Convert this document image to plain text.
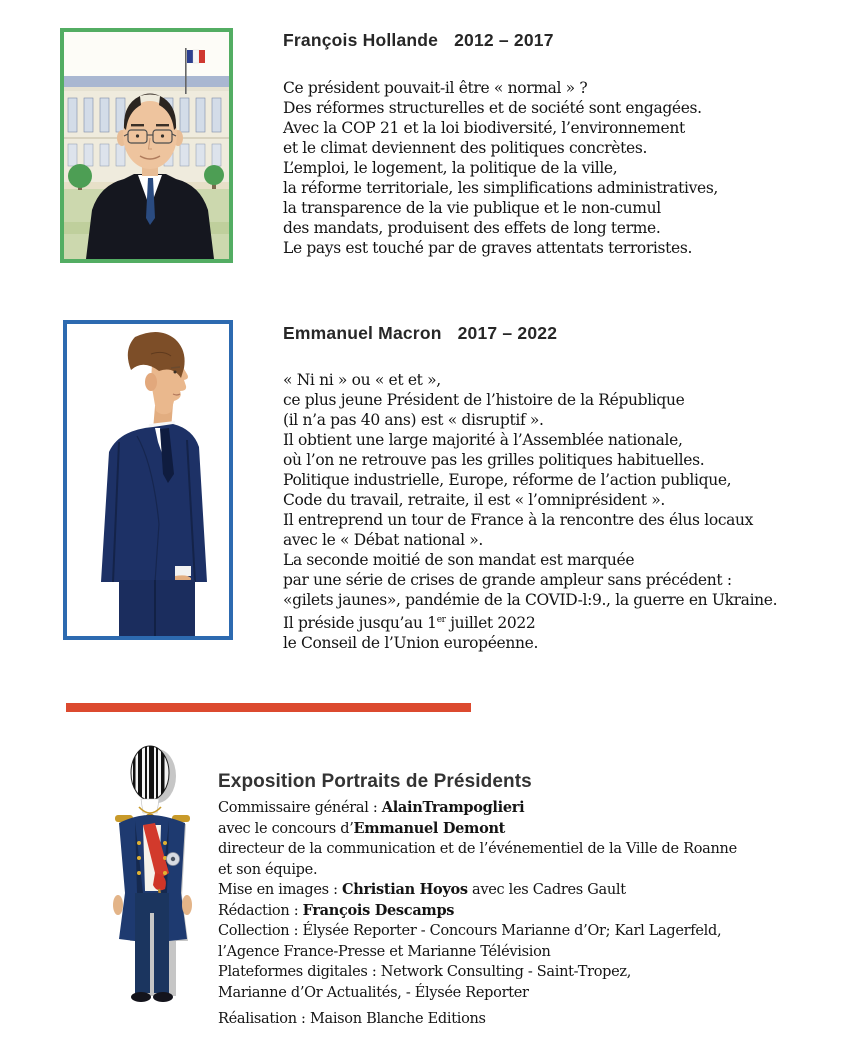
François Hollande 2012 – 2017
Ce président pouvait-il être « normal » ?
Des réformes structurelles et de société sont engagées.
Avec la COP 21 et la loi biodiversité, l’environnement
et le climat deviennent des politiques concrètes.
L’emploi, le logement, la politique de la ville,
la réforme territoriale, les simplifications administratives,
la transparence de la vie publique et le non-cumul
des mandats, produisent des effets de long terme.
Le pays est touché par de graves attentats terroristes.
Emmanuel Macron 2017 – 2022
« Ni ni » ou « et et »,
ce plus jeune Président de l’histoire de la République
(il n’a pas 40 ans) est « disruptif ».
Il obtient une large majorité à l’Assemblée nationale,
où l’on ne retrouve pas les grilles politiques habituelles.
Politique industrielle, Europe, réforme de l’action publique,
Code du travail, retraite, il est « l’omniprésident ».
Il entreprend un tour de France à la rencontre des élus locaux
avec le « Débat national ».
La seconde moitié de son mandat est marquée
par une série de crises de grande ampleur sans précédent :
«gilets jaunes», pandémie de la COVID-l:9., la guerre en Ukraine.
Il préside jusqu’au 1er juillet 2022
le Conseil de l’Union européenne.
Exposition Portraits de Présidents
Commissaire général : AlainTrampoglieri
avec le concours d’Emmanuel Demont
directeur de la communication et de l’événementiel de la Ville de Roanne
et son équipe.
Mise en images : Christian Hoyos avec les Cadres Gault
Rédaction : François Descamps
Collection : Élysée Reporter - Concours Marianne d’Or; Karl Lagerfeld,
l’Agence France-Presse et Marianne Télévision
Plateformes digitales : Network Consulting - Saint-Tropez,
Marianne d’Or Actualités, - Élysée Reporter
Réalisation : Maison Blanche Editions
